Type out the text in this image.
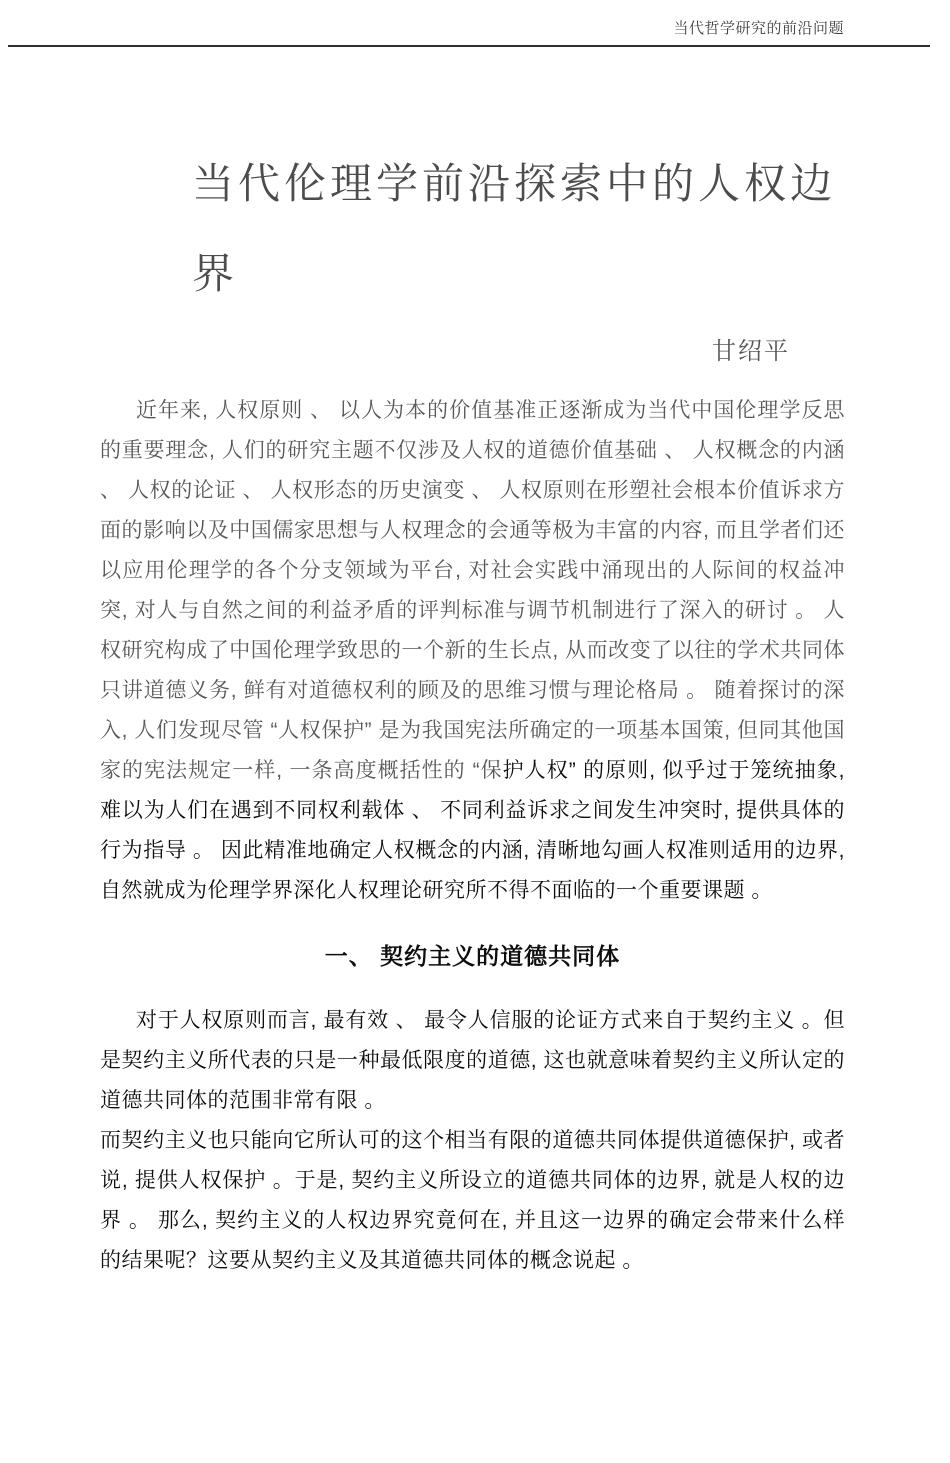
当代哲学研究的前沿问题
当代伦理学前沿探索中的人权边
界
甘绍平

近年来, 人权原则 、 以人为本的价值基准正逐渐成为当代中国伦理学反思的重要理念, 人们的研究主题不仅涉及人权的道德价值基础 、 人权概念的内涵 、 人权的论证 、 人权形态的历史演变 、 人权原则在形塑社会根本价值诉求方面的影响以及中国儒家思想与人权理念的会通等极为丰富的内容, 而且学者们还以应用伦理学的各个分支领域为平台, 对社会实践中涌现出的人际间的权益冲突, 对人与自然之间的利益矛盾的评判标准与调节机制进行了深入的研讨 。 人权研究构成了中国伦理学致思的一个新的生长点, 从而改变了以往的学术共同体只讲道德义务, 鲜有对道德权利的顾及的思维习惯与理论格局 。 随着探讨的深入, 人们发现尽管 “人权保护” 是为我国宪法所确定的一项基本国策, 但同其他国家的宪法规定一样, 一条高度概括性的 “保护人权” 的原则, 似乎过于笼统抽象, 难以为人们在遇到不同权利载体 、 不同利益诉求之间发生冲突时, 提供具体的行为指导 。 因此精准地确定人权概念的内涵, 清晰地勾画人权准则适用的边界, 自然就成为伦理学界深化人权理论研究所不得不面临的一个重要课题 。

一、 契约主义的道德共同体

对于人权原则而言, 最有效 、 最令人信服的论证方式来自于契约主义 。但是契约主义所代表的只是一种最低限度的道德, 这也就意味着契约主义所认定的道德共同体的范围非常有限 。

而契约主义也只能向它所认可的这个相当有限的道德共同体提供道德保护, 或者说, 提供人权保护 。于是, 契约主义所设立的道德共同体的边界, 就是人权的边界 。 那么, 契约主义的人权边界究竟何在, 并且这一边界的确定会带来什么样的结果呢？这要从契约主义及其道德共同体的概念说起 。
